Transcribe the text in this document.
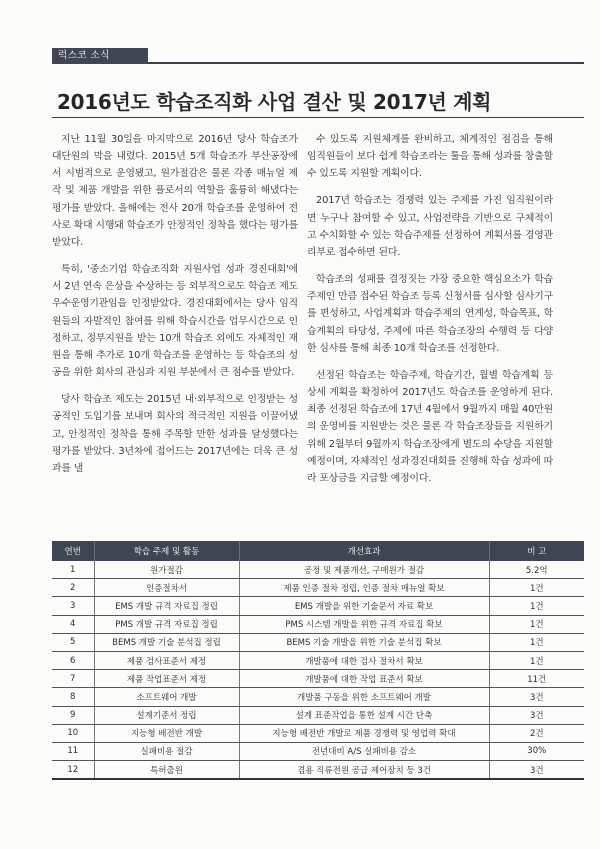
럭스코 소식
2016년도 학습조직화 사업 결산 및 2017년 계획

지난 11월 30일을 마지막으로 2016년 당사 학습조가 대단원의 막을 내렸다. 2015년 5개 학습조가 부산공장에서 시범적으로 운영됐고, 원가절감은 물론 각종 매뉴얼 제작 및 제품 개발을 위한 플로서의 역할을 훌륭히 해냈다는 평가를 받았다. 올해에는 전사 20개 학습조를 운영하여 전사로 확대 시행돼 학습조가 안정적인 정착을 했다는 평가를 받았다.

특히, '중소기업 학습조직화 지원사업 성과 경진대회'에서 2년 연속 은상을 수상하는 등 외부적으로도 학습조 제도 우수운영기관임을 인정받았다. 경진대회에서는 당사 임직원들의 자발적인 참여를 위해 학습시간을 업무시간으로 인정하고, 정부지원을 받는 10개 학습조 외에도 자체적인 재원을 통해 추가로 10개 학습조를 운영하는 등 학습조의 성공을 위한 회사의 관심과 지원 부분에서 큰 점수를 받았다.

당사 학습조 제도는 2015년 내·외부적으로 인정받는 성공적인 도입기를 보내며 회사의 적극적인 지원을 이끌어냈고, 안정적인 정착을 통해 주목할 만한 성과를 달성했다는 평가를 받았다. 3년차에 접어드는 2017년에는 더욱 큰 성과를 낼

수 있도록 지원체계를 완비하고, 체계적인 점검을 통해 임직원들이 보다 쉽게 학습조라는 툴을 통해 성과를 창출할 수 있도록 지원할 계획이다.

2017년 학습조는 경쟁력 있는 주제를 가진 임직원이라면 누구나 참여할 수 있고, 사업전략을 기반으로 구체적이고 수치화할 수 있는 학습주제를 선정하여 계획서를 경영관리부로 접수하면 된다.

학습조의 성패를 결정짓는 가장 중요한 핵심요소가 학습주제인 만큼 접수된 학습조 등록 신청서를 심사할 심사기구를 편성하고, 사업계획과 학습주제의 연계성, 학습목표, 학습계획의 타당성, 주제에 따른 학습조장의 수행력 등 다양한 심사를 통해 최종 10개 학습조를 선정한다.

선정된 학습조는 학습주제, 학습기간, 월별 학습계획 등 상세 계획을 확정하여 2017년도 학습조를 운영하게 된다. 최종 선정된 학습조에 17년 4월에서 9월까지 매월 40만원의 운영비를 지원받는 것은 물론 각 학습조장들을 지원하기 위해 2월부터 9월까지 학습조장에게 별도의 수당을 지원할 예정이며, 자체적인 성과경진대회를 진행해 학습 성과에 따라 포상금을 지급할 예정이다.

연번	학습 주제 및 활동	개선효과	비 고
1	원가절감	공정 및 제품개선, 구매원가 절감	5.2억
2	인증절차서	제품 인증 절차 정립, 인증 절차 매뉴얼 확보	1건
3	EMS 개발 규격 자료집 정립	EMS 개발을 위한 기술문서 자료 확보	1건
4	PMS 개발 규격 자료집 정립	PMS 시스템 개발을 위한 규격 자료집 확보	1건
5	BEMS 개발 기술 분석집 정립	BEMS 기술 개발을 위한 기술 분석집 확보	1건
6	제품 검사표준서 제정	개발품에 대한 검사 절차서 확보	1건
7	제품 작업표준서 제정	개발품에 대한 작업 표준서 확보	11건
8	소프트웨어 개발	개발품 구동을 위한 소프트웨어 개발	3건
9	설계기준서 정립	설계 표준작업을 통한 설계 시간 단축	3건
10	지능형 배전반 개발	지능형 배전반 개발로 제품 경쟁력 및 영업력 확대	2건
11	실패비용 절감	전년대비 A/S 실패비용 감소	30%
12	특허출원	겸용 직류전원 공급 제어장치 등 3건	3건
